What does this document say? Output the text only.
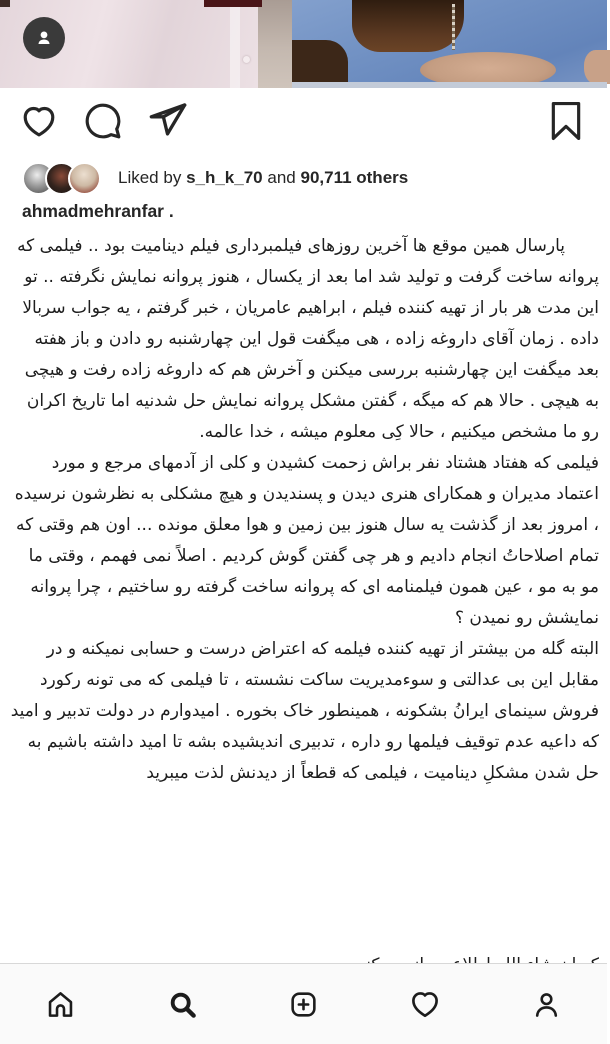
Liked by s_h_k_70 and 90,711 others
ahmadmehranfar .

پارسال همین موقع ها آخرین روزهای فیلمبرداری فیلم دینامیت بود .. فیلمی که پروانه ساخت گرفت و تولید شد اما بعد از یکسال ، هنوز پروانه نمایش نگرفته .. تو این مدت هر بار از تهیه کننده فیلم ، ابراهیم عامریان ، خبر گرفتم ، یه جواب سربالا داده . زمان آقای داروغه زاده ، هی میگفت قول این چهارشنبه رو دادن و باز هفته بعد میگفت این چهارشنبه بررسی میکنن و آخرش هم که داروغه زاده رفت و هیچی به هیچی . حالا هم که میگه ، گفتن مشکل پروانه نمایش حل شدنیه اما تاریخ اکران رو ما مشخص میکنیم ، حالا کِی معلوم میشه ، خدا عالمه.

فیلمی که هفتاد هشتاد نفر براش زحمت کشیدن و کلی از آدمهای مرجع و مورد اعتماد مدیران و همکارای هنری دیدن و پسندیدن و هیچ مشکلی به نظرشون نرسیده ، امروز بعد از گذشت یه سال هنوز بین زمین و هوا معلق مونده ... اون هم وقتی که تمام اصلاحاتُ انجام دادیم و هر چی گفتن گوش کردیم . اصلاً نمی فهمم ، وقتی ما مو به مو ، عین همون فیلمنامه ای که پروانه ساخت گرفته رو ساختیم ، چرا پروانه نمایشش رو نمیدن ؟

البته گله من بیشتر از تهیه کننده فیلمه که اعتراض درست و حسابی نمیکنه و در مقابل این بی عدالتی و سوءمدیریت ساکت نشسته ، تا فیلمی که می تونه رکورد فروش سینمای ایرانُ بشکونه ، همینطور خاک بخوره . امیدوارم در دولت تدبیر و امید که داعیه عدم توقیف فیلمها رو داره ، تدبیری اندیشیده بشه تا امید داشته باشیم به حل شدن مشکلِ دینامیت ، فیلمی که قطعاً از دیدنش لذت میبرید
